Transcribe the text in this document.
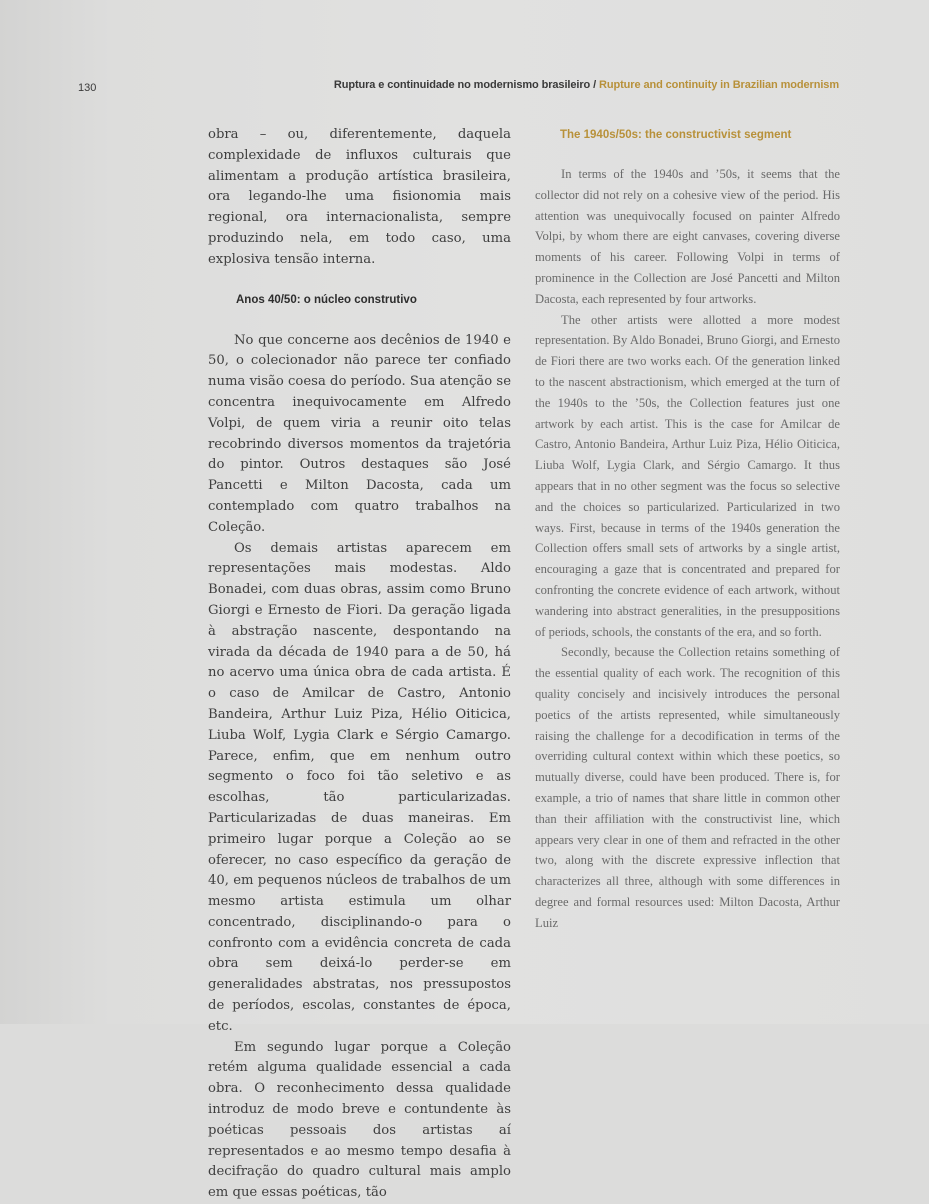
130	Ruptura e continuidade no modernismo brasileiro / Rupture and continuity in Brazilian modernism

obra – ou, diferentemente, daquela complexidade de influxos culturais que alimentam a produção artística brasileira, ora legando-lhe uma fisionomia mais regional, ora internacionalista, sempre produzindo nela, em todo caso, uma explosiva tensão interna.

Anos 40/50: o núcleo construtivo

No que concerne aos decênios de 1940 e 50, o colecionador não parece ter confiado numa visão coesa do período. Sua atenção se concentra inequivocamente em Alfredo Volpi, de quem viria a reunir oito telas recobrindo diversos momentos da trajetória do pintor. Outros destaques são José Pancetti e Milton Dacosta, cada um contemplado com quatro trabalhos na Coleção.

Os demais artistas aparecem em representações mais modestas. Aldo Bonadei, com duas obras, assim como Bruno Giorgi e Ernesto de Fiori. Da geração ligada à abstração nascente, despontando na virada da década de 1940 para a de 50, há no acervo uma única obra de cada artista. É o caso de Amilcar de Castro, Antonio Bandeira, Arthur Luiz Piza, Hélio Oiticica, Liuba Wolf, Lygia Clark e Sérgio Camargo. Parece, enfim, que em nenhum outro segmento o foco foi tão seletivo e as escolhas, tão particularizadas. Particularizadas de duas maneiras. Em primeiro lugar porque a Coleção ao se oferecer, no caso específico da geração de 40, em pequenos núcleos de trabalhos de um mesmo artista estimula um olhar concentrado, disciplinando-o para o confronto com a evidência concreta de cada obra sem deixá-lo perder-se em generalidades abstratas, nos pressupostos de períodos, escolas, constantes de época, etc.

Em segundo lugar porque a Coleção retém alguma qualidade essencial a cada obra. O reconhecimento dessa qualidade introduz de modo breve e contundente às poéticas pessoais dos artistas aí representados e ao mesmo tempo desafia à decifração do quadro cultural mais amplo em que essas poéticas, tão

The 1940s/50s: the constructivist segment

In terms of the 1940s and ’50s, it seems that the collector did not rely on a cohesive view of the period. His attention was unequivocally focused on painter Alfredo Volpi, by whom there are eight canvases, covering diverse moments of his career. Following Volpi in terms of prominence in the Collection are José Pancetti and Milton Dacosta, each represented by four artworks.

The other artists were allotted a more modest representation. By Aldo Bonadei, Bruno Giorgi, and Ernesto de Fiori there are two works each. Of the generation linked to the nascent abstractionism, which emerged at the turn of the 1940s to the ’50s, the Collection features just one artwork by each artist. This is the case for Amilcar de Castro, Antonio Bandeira, Arthur Luiz Piza, Hélio Oiticica, Liuba Wolf, Lygia Clark, and Sérgio Camargo. It thus appears that in no other segment was the focus so selective and the choices so particularized. Particularized in two ways. First, because in terms of the 1940s generation the Collection offers small sets of artworks by a single artist, encouraging a gaze that is concentrated and prepared for confronting the concrete evidence of each artwork, without wandering into abstract generalities, in the presuppositions of periods, schools, the constants of the era, and so forth.

Secondly, because the Collection retains something of the essential quality of each work. The recognition of this quality concisely and incisively introduces the personal poetics of the artists represented, while simultaneously raising the challenge for a decodification in terms of the overriding cultural context within which these poetics, so mutually diverse, could have been produced. There is, for example, a trio of names that share little in common other than their affiliation with the constructivist line, which appears very clear in one of them and refracted in the other two, along with the discrete expressive inflection that characterizes all three, although with some differences in degree and formal resources used: Milton Dacosta, Arthur Luiz
